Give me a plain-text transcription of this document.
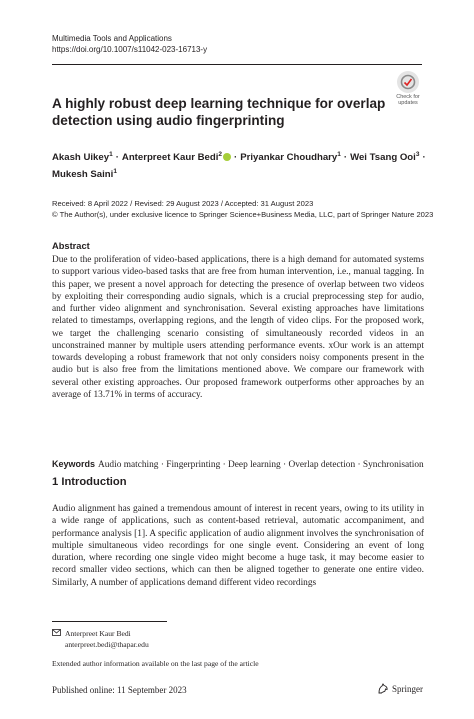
Multimedia Tools and Applications
https://doi.org/10.1007/s11042-023-16713-y
Check for
updates
A highly robust deep learning technique for overlap
detection using audio fingerprinting
Akash Uikey$^1$ · Anterpreet Kaur Bedi$^2$ · Priyankar Choudhary$^1$ · Wei Tsang Ooi$^3$ ·
Mukesh Saini$^1$
Received: 8 April 2022 / Revised: 29 August 2023 / Accepted: 31 August 2023
© The Author(s), under exclusive licence to Springer Science+Business Media, LLC, part of Springer Nature 2023
Abstract
Due to the proliferation of video-based applications, there is a high demand for automated systems to support various video-based tasks that are free from human intervention, i.e., manual tagging. In this paper, we present a novel approach for detecting the presence of overlap between two videos by exploiting their corresponding audio signals, which is a crucial preprocessing step for audio, and further video alignment and synchronisation. Several existing approaches have limitations related to timestamps, overlapping regions, and the length of video clips. For the proposed work, we target the challenging scenario consisting of simultaneously recorded videos in an unconstrained manner by multiple users attending performance events. xOur work is an attempt towards developing a robust framework that not only considers noisy components present in the audio but is also free from the limitations mentioned above. We compare our framework with several other existing approaches. Our proposed framework outperforms other approaches by an average of 13.71% in terms of accuracy.
Keywords Audio matching · Fingerprinting · Deep learning · Overlap detection · Synchronisation
1 Introduction
Audio alignment has gained a tremendous amount of interest in recent years, owing to its utility in a wide range of applications, such as content-based retrieval, automatic accompaniment, and performance analysis [1]. A specific application of audio alignment involves the synchronisation of multiple simultaneous video recordings for one single event. Considering an event of long duration, where recording one single video might become a huge task, it may become easier to record smaller video sections, which can then be aligned together to generate one entire video. Similarly, A number of applications demand different video recordings
Anterpreet Kaur Bedi
anterpreet.bedi@thapar.edu
Extended author information available on the last page of the article
Published online: 11 September 2023	Springer
